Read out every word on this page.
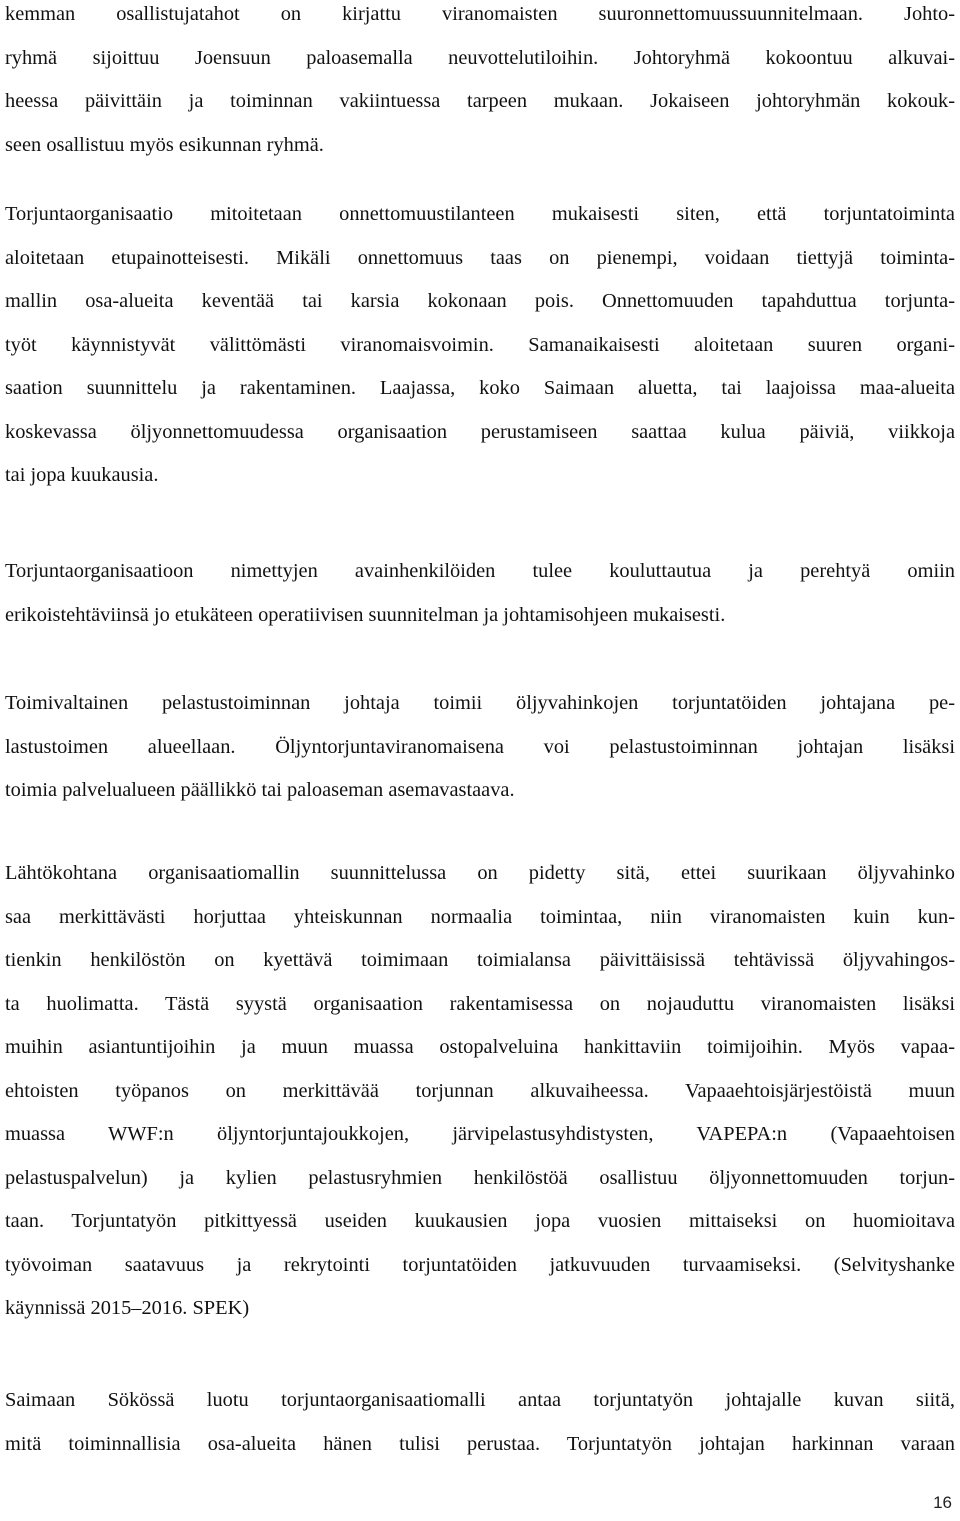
kemman osallistujatahot on kirjattu viranomaisten suuronnettomuussuunnitelmaan. Johto-
ryhmä sijoittuu Joensuun paloasemalla neuvottelutiloihin. Johtoryhmä kokoontuu alkuvai-
heessa päivittäin ja toiminnan vakiintuessa tarpeen mukaan. Jokaiseen johtoryhmän kokouk-
seen osallistuu myös esikunnan ryhmä.
Torjuntaorganisaatio mitoitetaan onnettomuustilanteen mukaisesti siten, että torjuntatoiminta
aloitetaan etupainotteisesti. Mikäli onnettomuus taas on pienempi, voidaan tiettyjä toiminta-
mallin osa-alueita keventää tai karsia kokonaan pois. Onnettomuuden tapahduttua torjunta-
työt käynnistyvät välittömästi viranomaisvoimin. Samanaikaisesti aloitetaan suuren organi-
saation suunnittelu ja rakentaminen. Laajassa, koko Saimaan aluetta, tai laajoissa maa-alueita
koskevassa öljyonnettomuudessa organisaation perustamiseen saattaa kulua päiviä, viikkoja
tai jopa kuukausia.
Torjuntaorganisaatioon nimettyjen avainhenkilöiden tulee kouluttautua ja perehtyä omiin
erikoistehtäviinsä jo etukäteen operatiivisen suunnitelman ja johtamisohjeen mukaisesti.
Toimivaltainen pelastustoiminnan johtaja toimii öljyvahinkojen torjuntatöiden johtajana pe-
lastustoimen alueellaan. Öljyntorjuntaviranomaisena voi pelastustoiminnan johtajan lisäksi
toimia palvelualueen päällikkö tai paloaseman asemavastaava.
Lähtökohtana organisaatiomallin suunnittelussa on pidetty sitä, ettei suurikaan öljyvahinko
saa merkittävästi horjuttaa yhteiskunnan normaalia toimintaa, niin viranomaisten kuin kun-
tienkin henkilöstön on kyettävä toimimaan toimialansa päivittäisissä tehtävissä öljyvahingos-
ta huolimatta. Tästä syystä organisaation rakentamisessa on nojauduttu viranomaisten lisäksi
muihin asiantuntijoihin ja muun muassa ostopalveluina hankittaviin toimijoihin. Myös vapaa-
ehtoisten työpanos on merkittävää torjunnan alkuvaiheessa. Vapaaehtoisjärjestöistä muun
muassa WWF:n öljyntorjuntajoukkojen, järvipelastusyhdistysten, VAPEPA:n (Vapaaehtoisen
pelastuspalvelun) ja kylien pelastusryhmien henkilöstöä osallistuu öljyonnettomuuden torjun-
taan. Torjuntatyön pitkittyessä useiden kuukausien jopa vuosien mittaiseksi on huomioitava
työvoiman saatavuus ja rekrytointi torjuntatöiden jatkuvuuden turvaamiseksi. (Selvityshanke
käynnissä 2015–2016. SPEK)
Saimaan Sökössä luotu torjuntaorganisaatiomalli antaa torjuntatyön johtajalle kuvan siitä,
mitä toiminnallisia osa-alueita hänen tulisi perustaa. Torjuntatyön johtajan harkinnan varaan
16
